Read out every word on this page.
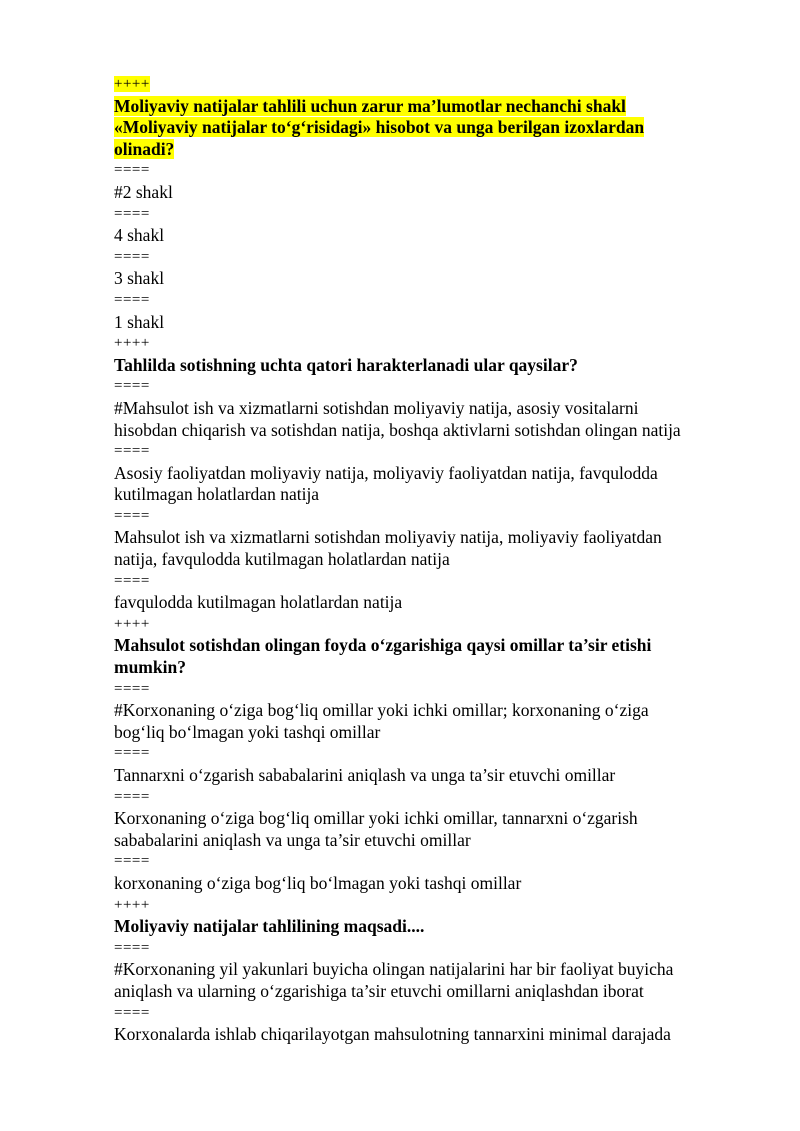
++++
Moliyaviy natijalar tahlili uchun zarur ma’lumotlar nechanchi shakl
«Moliyaviy natijalar to‘g‘risidagi» hisobot va unga berilgan izoxlardan
olinadi?
====
#2 shakl
====
4 shakl
====
3 shakl
====
1 shakl
++++
Tahlilda sotishning uchta qatori harakterlanadi ular qaysilar?
====
#Mahsulot ish va xizmatlarni sotishdan moliyaviy natija, asosiy vositalarni
hisobdan chiqarish va sotishdan natija, boshqa aktivlarni sotishdan olingan natija
====
Asosiy faoliyatdan moliyaviy natija, moliyaviy faoliyatdan natija, favqulodda
kutilmagan holatlardan natija
====
Mahsulot ish va xizmatlarni sotishdan moliyaviy natija, moliyaviy faoliyatdan
natija, favqulodda kutilmagan holatlardan natija
====
favqulodda kutilmagan holatlardan natija
++++
Mahsulot sotishdan olingan foyda o‘zgarishiga qaysi omillar ta’sir etishi
mumkin?
====
#Korxonaning o‘ziga bog‘liq omillar yoki ichki omillar; korxonaning o‘ziga
bog‘liq bo‘lmagan yoki tashqi omillar
====
Tannarxni o‘zgarish sababalarini aniqlash va unga ta’sir etuvchi omillar
====
Korxonaning o‘ziga bog‘liq omillar yoki ichki omillar, tannarxni o‘zgarish
sababalarini aniqlash va unga ta’sir etuvchi omillar
====
korxonaning o‘ziga bog‘liq bo‘lmagan yoki tashqi omillar
++++
Moliyaviy natijalar tahlilining maqsadi....
====
#Korxonaning yil yakunlari buyicha olingan natijalarini har bir faoliyat buyicha
aniqlash va ularning o‘zgarishiga ta’sir etuvchi omillarni aniqlashdan iborat
====
Korxonalarda ishlab chiqarilayotgan mahsulotning tannarxini minimal darajada
